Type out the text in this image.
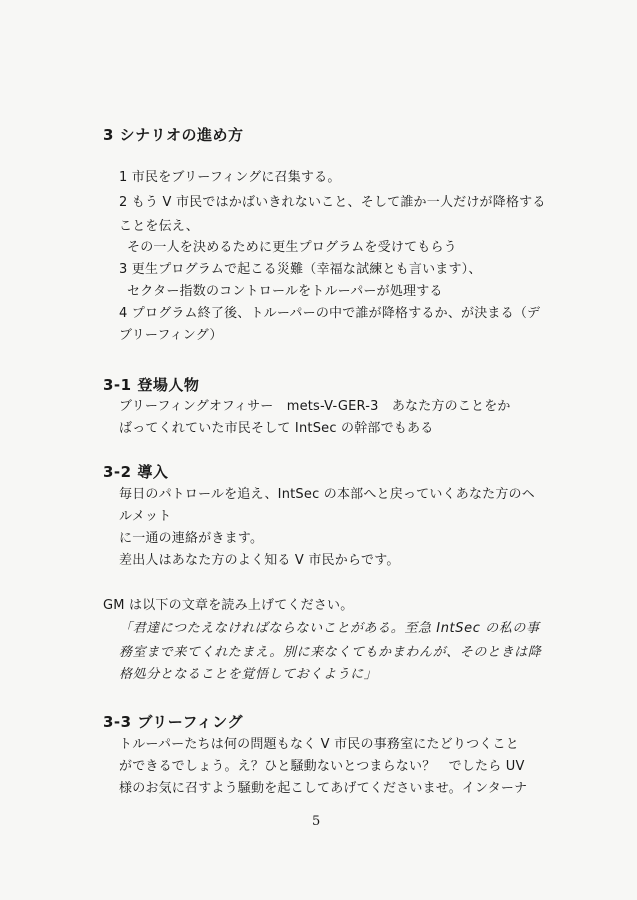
3 シナリオの進め方
1 市民をブリーフィングに召集する。
2 もう V 市民ではかばいきれないこと、そして誰か一人だけが降格する
ことを伝え、
その一人を決めるために更生プログラムを受けてもらう
3 更生プログラムで起こる災難（幸福な試練とも言います）、
セクター指数のコントロールをトルーパーが処理する
4 プログラム終了後、トルーパーの中で誰が降格するか、が決まる（デ
ブリーフィング）
3-1 登場人物
ブリーフィングオフィサー　mets-V-GER-3　あなた方のことをか
ばってくれていた市民そして IntSec の幹部でもある
3-2 導入
毎日のパトロールを追え、IntSec の本部へと戻っていくあなた方のヘ
ルメット
に一通の連絡がきます。
差出人はあなた方のよく知る V 市民からです。
GM は以下の文章を読み上げてください。
「君達につたえなければならないことがある。至急 IntSec の私の事
務室まで来てくれたまえ。別に来なくてもかまわんが、そのときは降
格処分となることを覚悟しておくように」
3-3 ブリーフィング
トルーパーたちは何の問題もなく V 市民の事務室にたどりつくこと
ができるでしょう。え？ひと騒動ないとつまらない？　でしたら UV
様のお気に召すよう騒動を起こしてあげてくださいませ。インターナ
5
